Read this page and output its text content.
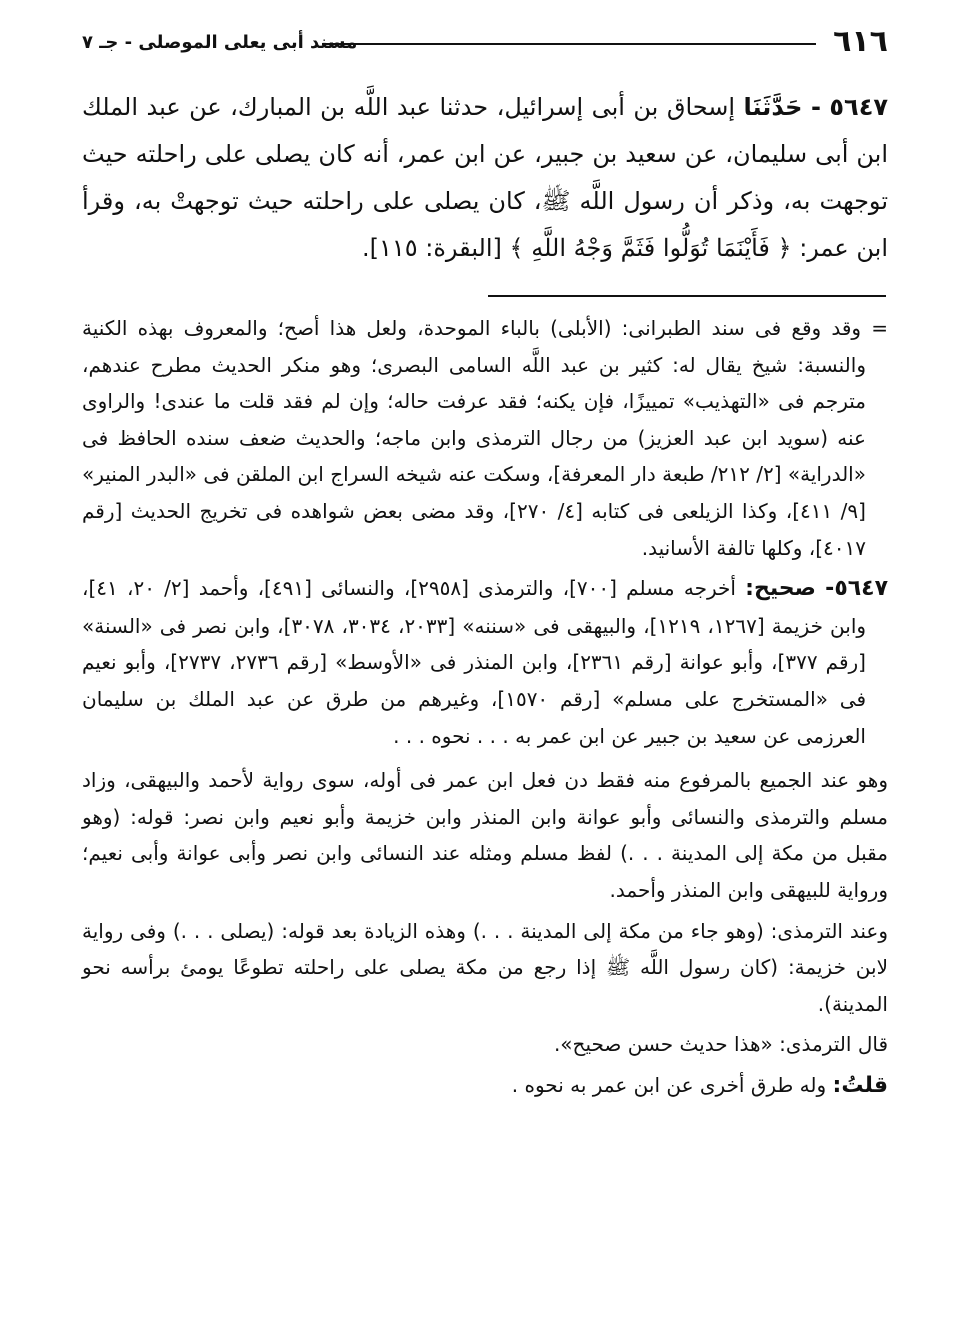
٦١٦
مسند أبى يعلى الموصلى - جـ ٧
٥٦٤٧ - حَدَّثَنَا إسحاق بن أبى إسرائيل، حدثنا عبد اللَّه بن المبارك، عن عبد الملك ابن أبى سليمان، عن سعيد بن جبير، عن ابن عمر، أنه كان يصلى على راحلته حيث توجهت به، وذكر أن رسول اللَّه ﷺ، كان يصلى على راحلته حيث توجهتْ به، وقرأ ابن عمر: ﴿ فَأَيْنَمَا تُوَلُّوا فَثَمَّ وَجْهُ اللَّهِ ﴾ [البقرة: ١١٥].

= وقد وقع فى سند الطبرانى: (الأبلى) بالباء الموحدة، ولعل هذا أصح؛ والمعروف بهذه الكنية والنسبة: شيخ يقال له: كثير بن عبد اللَّه السامى البصرى؛ وهو منكر الحديث مطرح عندهم، مترجم فى «التهذيب» تمييزًا، فإن يكنه؛ فقد عرفت حاله؛ وإن لم فقد قلت ما عندى! والراوى عنه (سويد ابن عبد العزيز) من رجال الترمذى وابن ماجه؛ والحديث ضعف سنده الحافظ فى «الدراية» [٢/ ٢١٢/ طبعة دار المعرفة]، وسكت عنه شيخه السراج ابن الملقن فى «البدر المنير» [٩/ ٤١١]، وكذا الزيلعى فى كتابه [٤/ ٢٧٠]، وقد مضى بعض شواهده فى تخريج الحديث [رقم ٤٠١٧]، وكلها تالفة الأسانيد.

٥٦٤٧- صحيح: أخرجه مسلم [٧٠٠]، والترمذى [٢٩٥٨]، والنسائى [٤٩١]، وأحمد [٢/ ٢٠، ٤١]، وابن خزيمة [١٢٦٧، ١٢١٩]، والبيهقى فى «سننه» [٢٠٣٣، ٣٠٣٤، ٣٠٧٨]، وابن نصر فى «السنة» [رقم ٣٧٧]، وأبو عوانة [رقم ٢٣٦١]، وابن المنذر فى «الأوسط» [رقم ٢٧٣٦، ٢٧٣٧]، وأبو نعيم فى «المستخرج على مسلم» [رقم ١٥٧٠]، وغيرهم من طرق عن عبد الملك بن سليمان العرزمى عن سعيد بن جبير عن ابن عمر به . . . نحوه . . .

وهو عند الجميع بالمرفوع منه فقط دن فعل ابن عمر فى أوله، سوى رواية لأحمد والبيهقى، وزاد مسلم والترمذى والنسائى وأبو عوانة وابن المنذر وابن خزيمة وأبو نعيم وابن نصر: قوله: (وهو مقبل من مكة إلى المدينة . . .) لفظ مسلم ومثله عند النسائى وابن نصر وأبى عوانة وأبى نعيم؛ ورواية للبيهقى وابن المنذر وأحمد.

وعند الترمذى: (وهو جاء من مكة إلى المدينة . . .) وهذه الزيادة بعد قوله: (يصلى . . .) وفى رواية لابن خزيمة: (كان رسول اللَّه ﷺ إذا رجع من مكة يصلى على راحلته تطوعًا يومئ برأسه نحو المدينة).

قال الترمذى: «هذا حديث حسن صحيح».

قلتُ: وله طرق أخرى عن ابن عمر به نحوه .
